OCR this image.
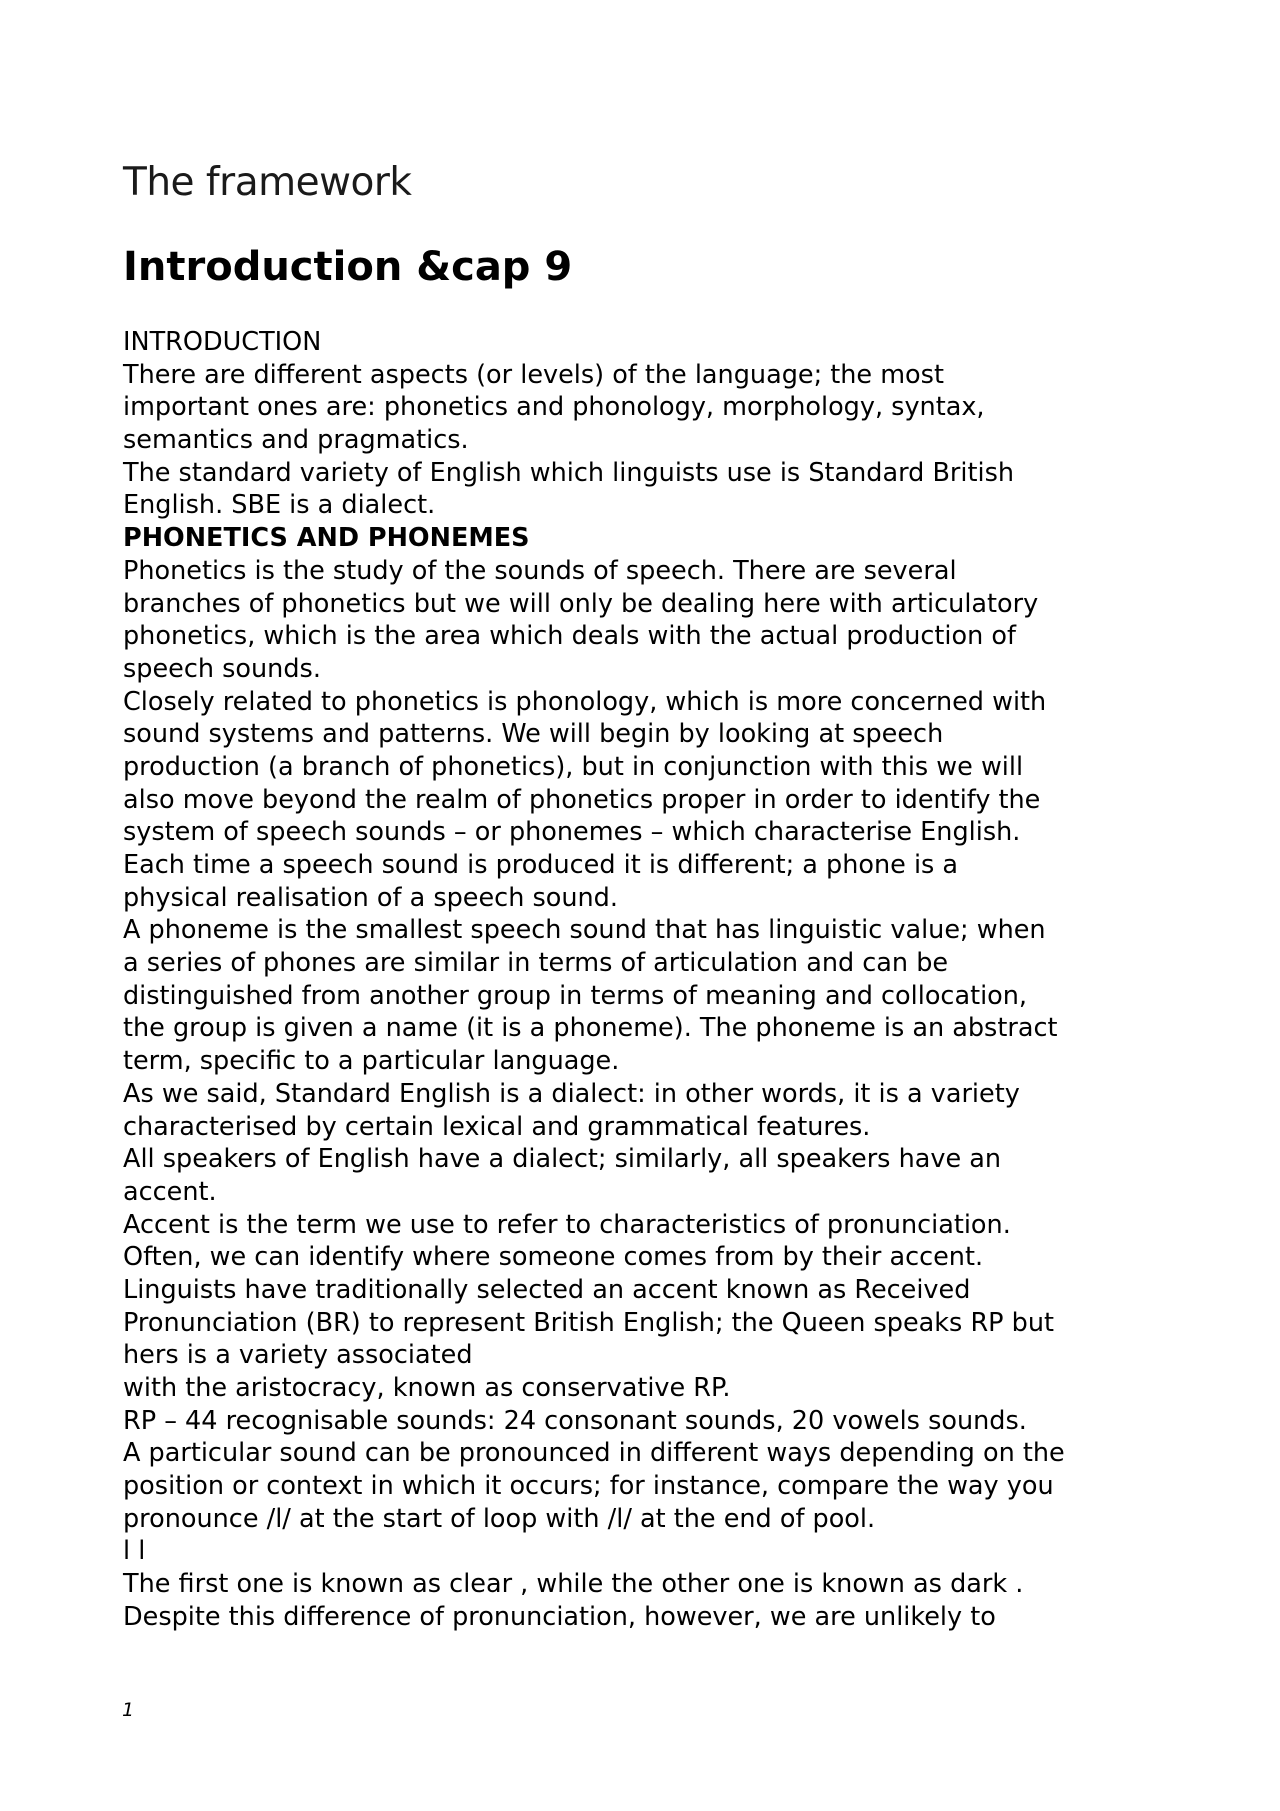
The framework
Introduction &cap 9
INTRODUCTION
There are different aspects (or levels) of the language; the most
important ones are: phonetics and phonology, morphology, syntax,
semantics and pragmatics.
The standard variety of English which linguists use is Standard British
English. SBE is a dialect.
PHONETICS AND PHONEMES
Phonetics is the study of the sounds of speech. There are several
branches of phonetics but we will only be dealing here with articulatory
phonetics, which is the area which deals with the actual production of
speech sounds.
Closely related to phonetics is phonology, which is more concerned with
sound systems and patterns. We will begin by looking at speech
production (a branch of phonetics), but in conjunction with this we will
also move beyond the realm of phonetics proper in order to identify the
system of speech sounds – or phonemes – which characterise English.
Each time a speech sound is produced it is different; a phone is a
physical realisation of a speech sound.
A phoneme is the smallest speech sound that has linguistic value; when
a series of phones are similar in terms of articulation and can be
distinguished from another group in terms of meaning and collocation,
the group is given a name (it is a phoneme). The phoneme is an abstract
term, specific to a particular language.
As we said, Standard English is a dialect: in other words, it is a variety
characterised by certain lexical and grammatical features.
All speakers of English have a dialect; similarly, all speakers have an
accent.
Accent is the term we use to refer to characteristics of pronunciation.
Often, we can identify where someone comes from by their accent.
Linguists have traditionally selected an accent known as Received
Pronunciation (BR) to represent British English; the Queen speaks RP but
hers is a variety associated
with the aristocracy, known as conservative RP.
RP – 44 recognisable sounds: 24 consonant sounds, 20 vowels sounds.
A particular sound can be pronounced in different ways depending on the
position or context in which it occurs; for instance, compare the way you
pronounce /l/ at the start of loop with /l/ at the end of pool.
l l
The first one is known as clear , while the other one is known as dark .
Despite this difference of pronunciation, however, we are unlikely to
1
